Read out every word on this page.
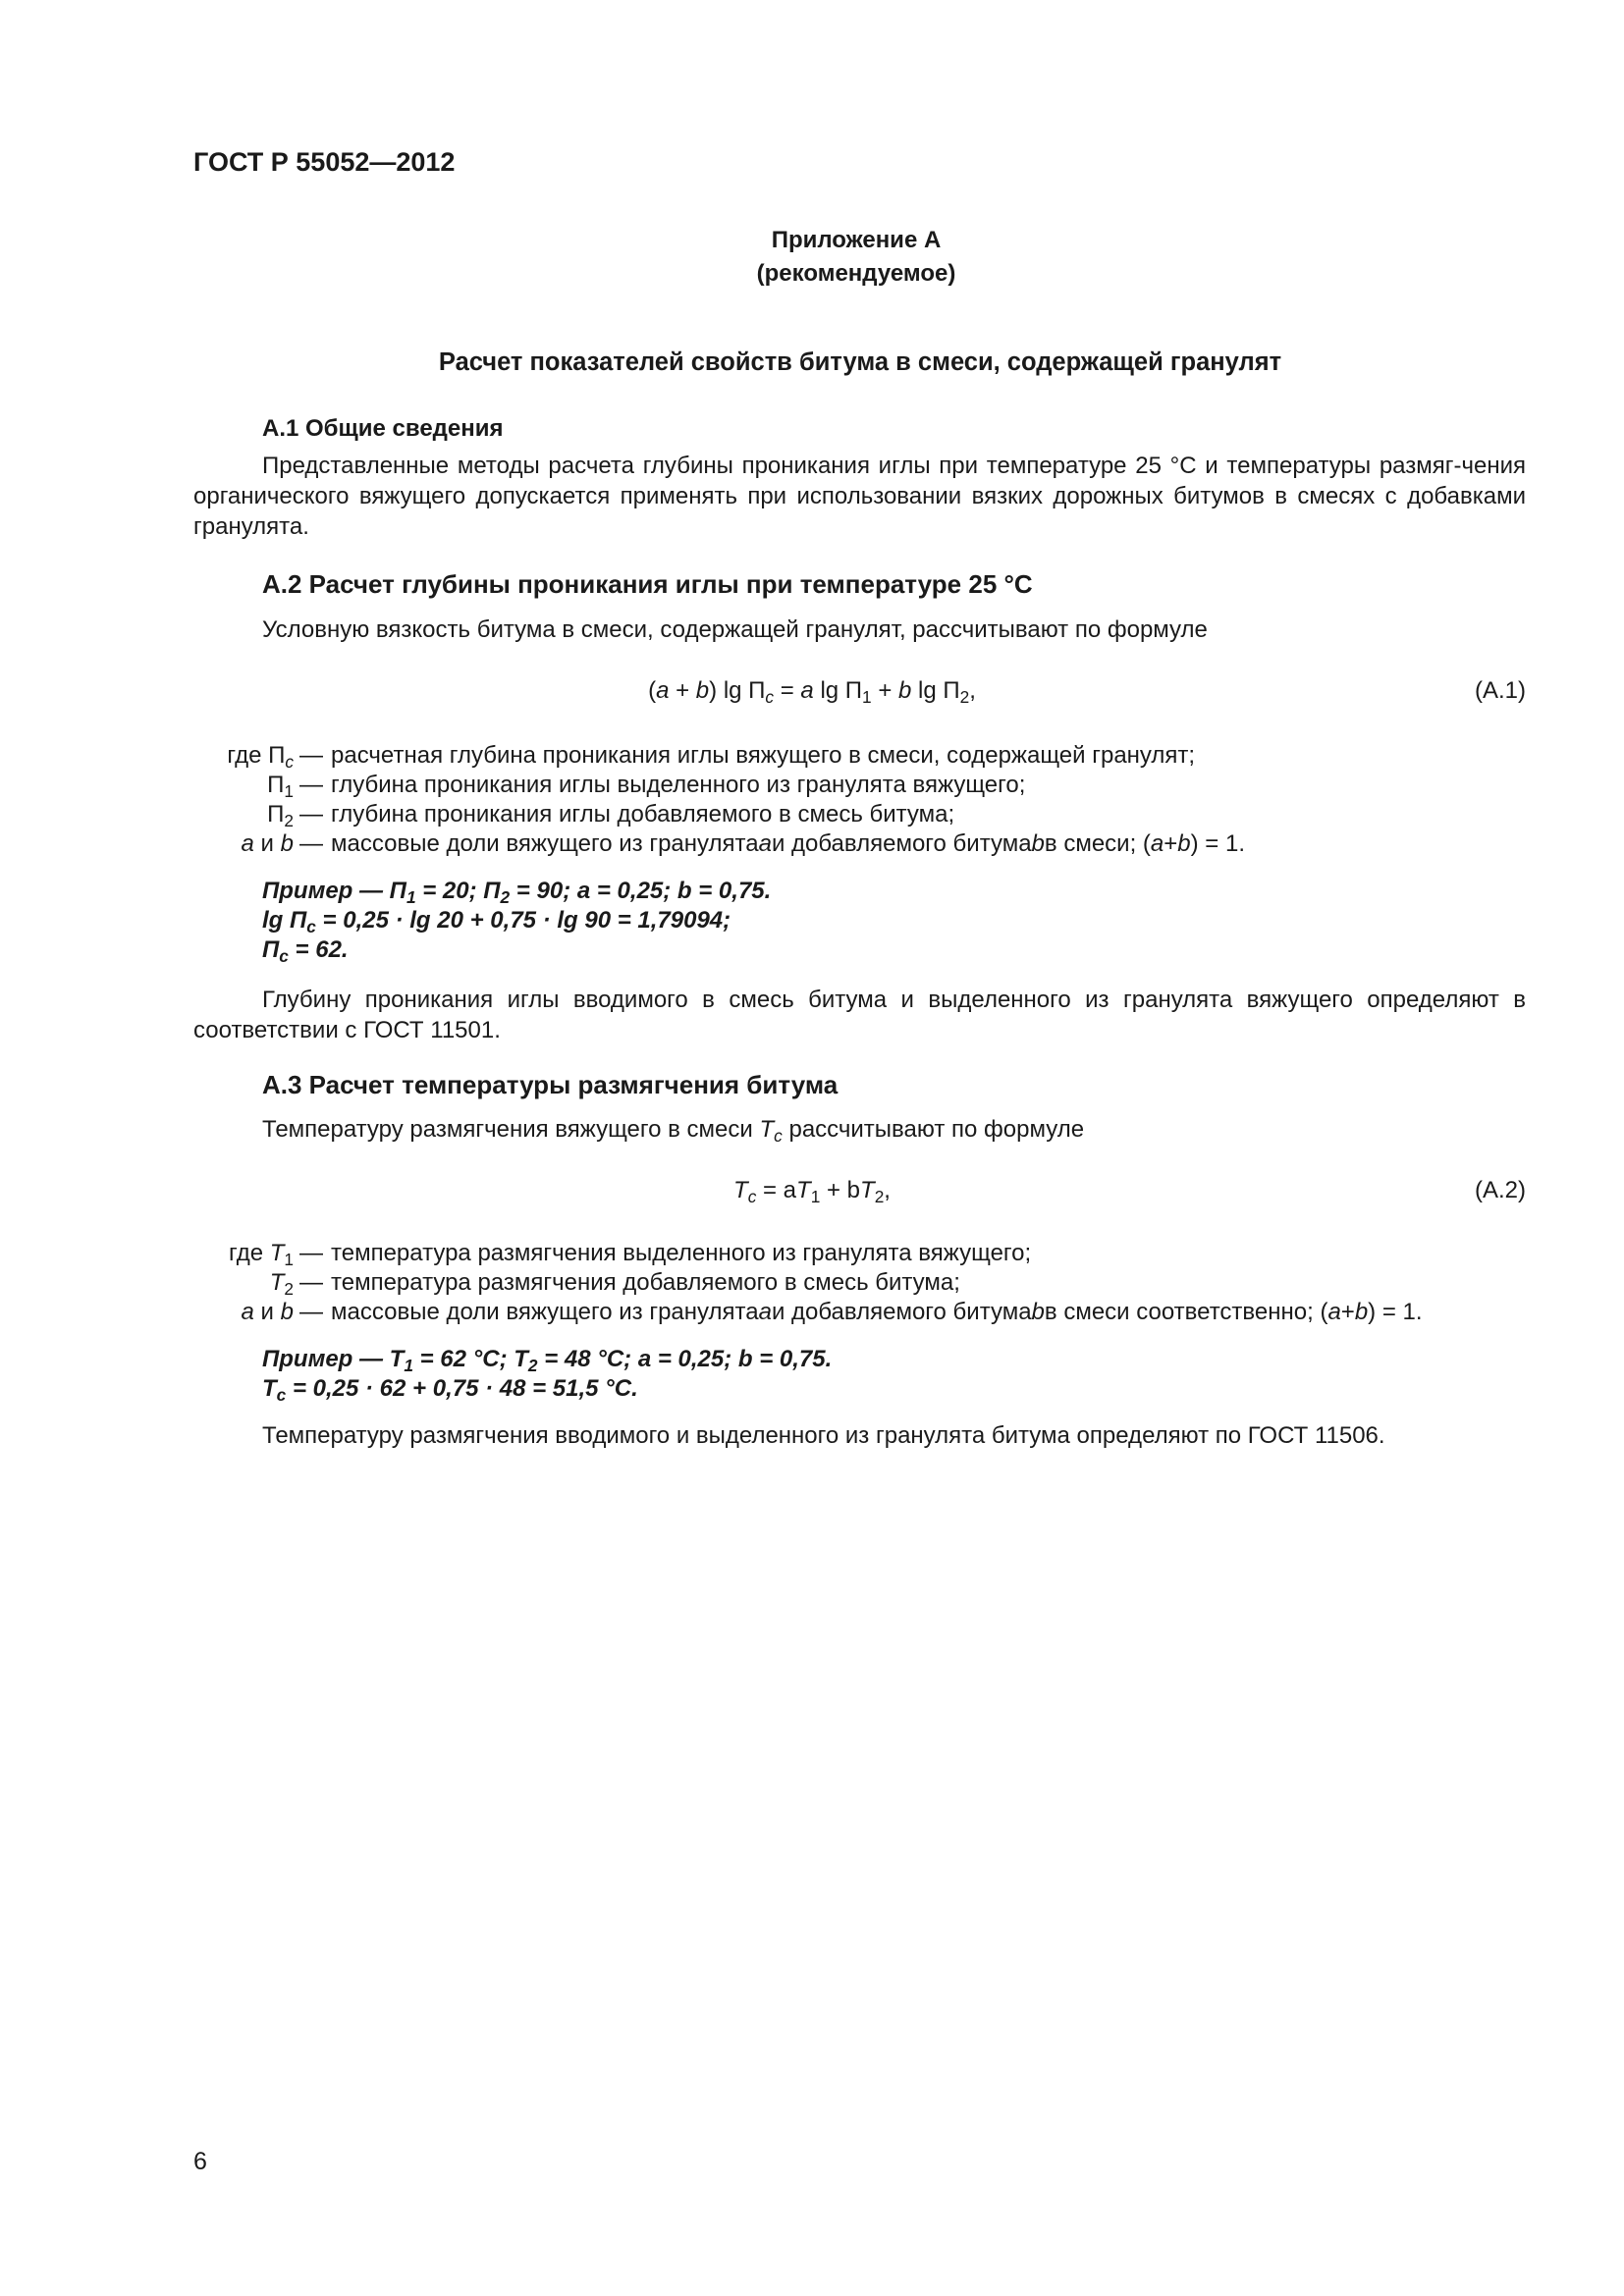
ГОСТ Р 55052—2012
Приложение А
(рекомендуемое)
Расчет показателей свойств битума в смеси, содержащей гранулят
А.1 Общие сведения
Представленные методы расчета глубины проникания иглы при температуре 25 °С и температуры размяг-чения органического вяжущего допускается применять при использовании вязких дорожных битумов в смесях с добавками гранулята.
А.2 Расчет глубины проникания иглы при температуре 25 °С
Условную вязкость битума в смеси, содержащей гранулят, рассчитывают по формуле
(a + b) $\lg П_c = a$ $\lg П_1 + b$ $\lg П_2$,	(А.1)
где $П_c$ — расчетная глубина проникания иглы вяжущего в смеси, содержащей гранулят;
$П_1$ — глубина проникания иглы выделенного из гранулята вяжущего;
$П_2$ — глубина проникания иглы добавляемого в смесь битума;
a и b — массовые доли вяжущего из гранулята a и добавляемого битума b в смеси; ( a + b ) = 1.
Пример — $П_1 = 20$; $П_2 = 90$; a = 0,25; b = 0,75.
$\lg П_c = 0,25 \cdot \lg 20 + 0,75 \cdot \lg 90 = 1,79094$;
$П_c = 62$.
Глубину проникания иглы вводимого в смесь битума и выделенного из гранулята вяжущего определяют в соответствии с ГОСТ 11501.
А.3 Расчет температуры размягчения битума
Температуру размягчения вяжущего в смеси $T_c$ рассчитывают по формуле
$T_c = aT_1 + bT_2$,	(А.2)
где $T_1$ — температура размягчения выделенного из гранулята вяжущего;
$T_2$ — температура размягчения добавляемого в смесь битума;
a и b — массовые доли вяжущего из гранулята a и добавляемого битума b в смеси соответственно; ( a + b ) = 1.
Пример — $T_1 = 62$ °С; $T_2 = 48$ °С; a = 0,25; b = 0,75.
$T_c = 0,25 \cdot 62 + 0,75 \cdot 48 = 51,5$ °С.
Температуру размягчения вводимого и выделенного из гранулята битума определяют по ГОСТ 11506.
6
